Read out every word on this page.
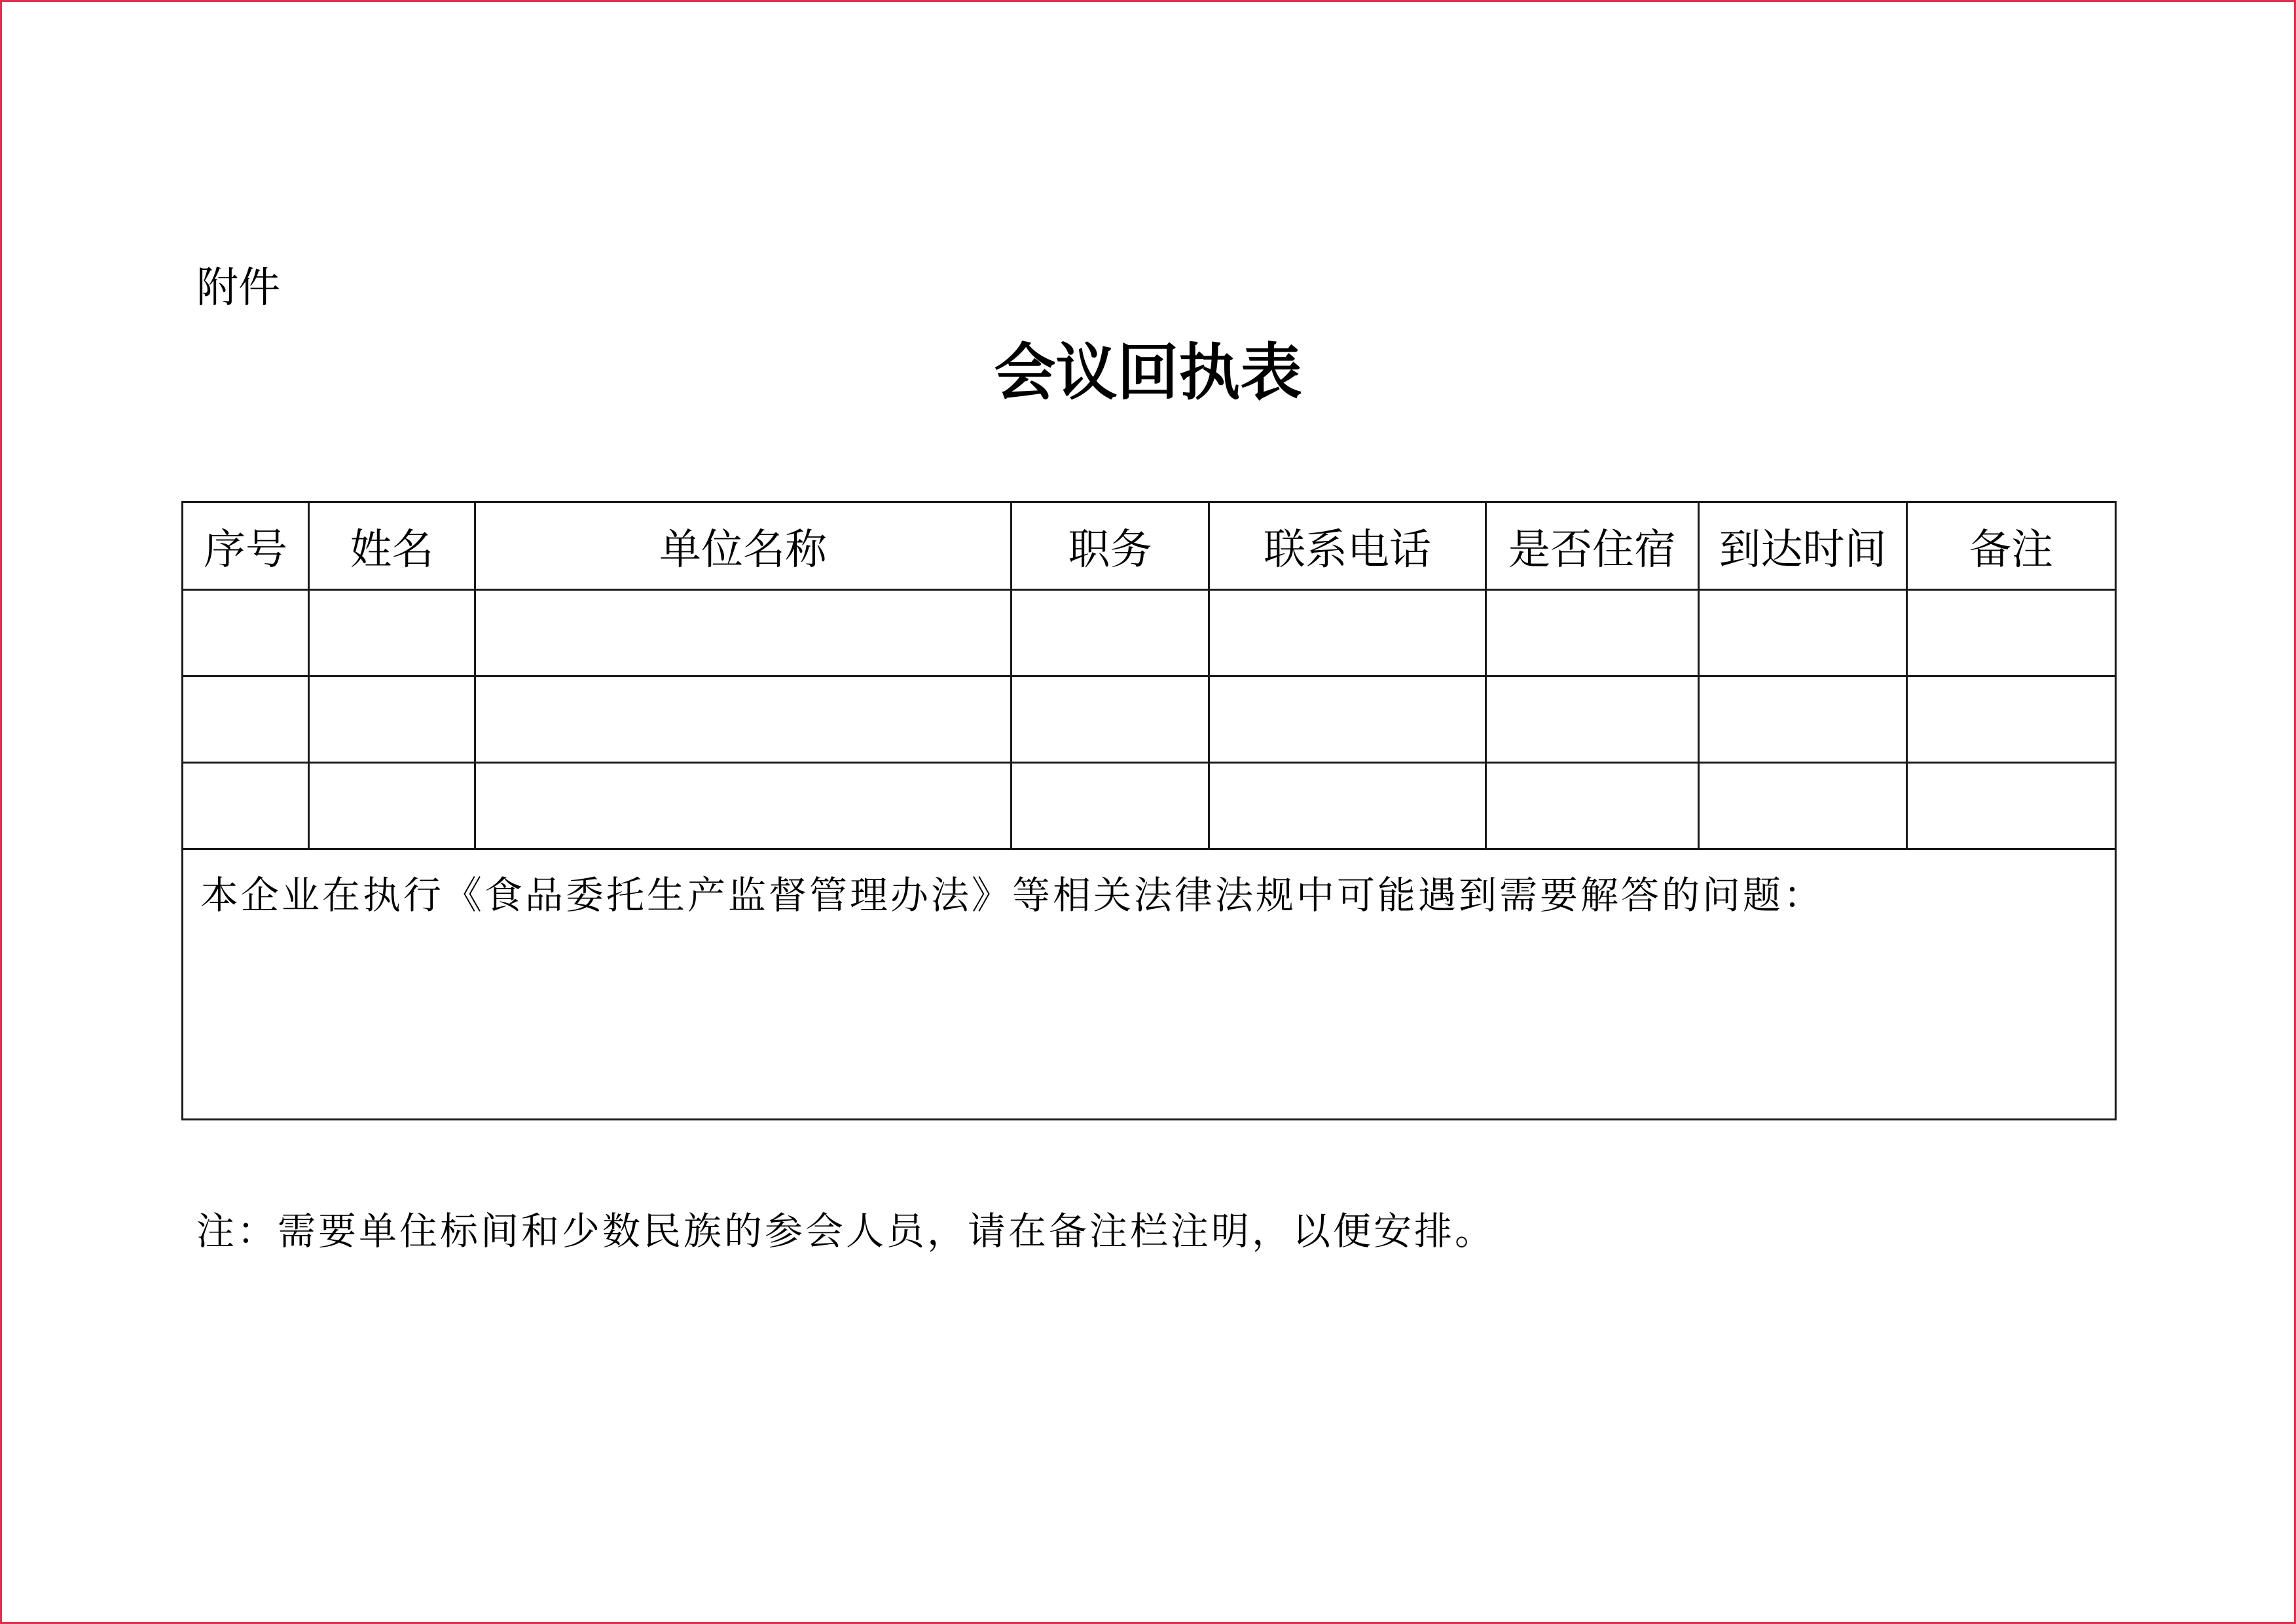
附件
会议回执表
序号	姓名	单位名称	职务	联系电话	是否住宿	到达时间	备注

本企业在执行《食品委托生产监督管理办法》等相关法律法规中可能遇到需要解答的问题：							
注：需要单住标间和少数民族的参会人员，请在备注栏注明，以便安排。
